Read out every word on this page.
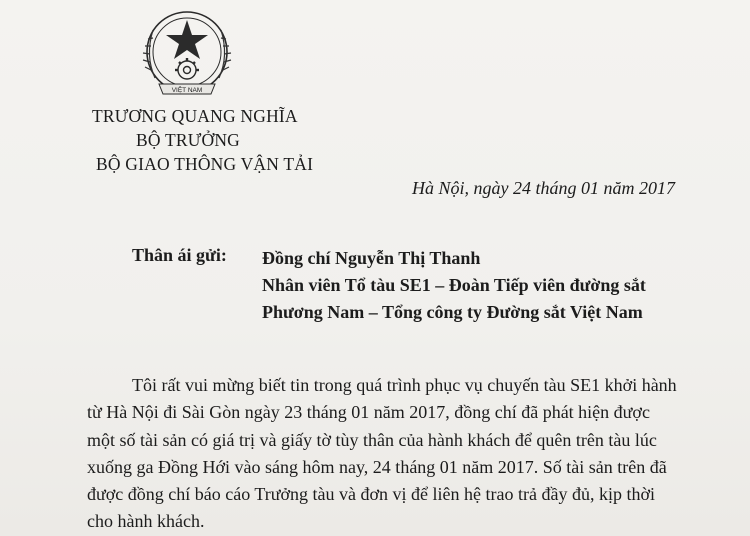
VIỆT NAM
TRƯƠNG QUANG NGHĨA
BỘ TRƯỞNG
BỘ GIAO THÔNG VẬN TẢI
Hà Nội, ngày 24 tháng 01 năm 2017
Thân ái gửi: Đồng chí Nguyễn Thị Thanh
Nhân viên Tổ tàu SE1 – Đoàn Tiếp viên đường sắt
Phương Nam – Tổng công ty Đường sắt Việt Nam
Tôi rất vui mừng biết tin trong quá trình phục vụ chuyến tàu SE1 khởi hành
từ Hà Nội đi Sài Gòn ngày 23 tháng 01 năm 2017, đồng chí đã phát hiện được
một số tài sản có giá trị và giấy tờ tùy thân của hành khách để quên trên tàu lúc
xuống ga Đồng Hới vào sáng hôm nay, 24 tháng 01 năm 2017. Số tài sản trên đã
được đồng chí báo cáo Trưởng tàu và đơn vị để liên hệ trao trả đầy đủ, kịp thời
cho hành khách.
